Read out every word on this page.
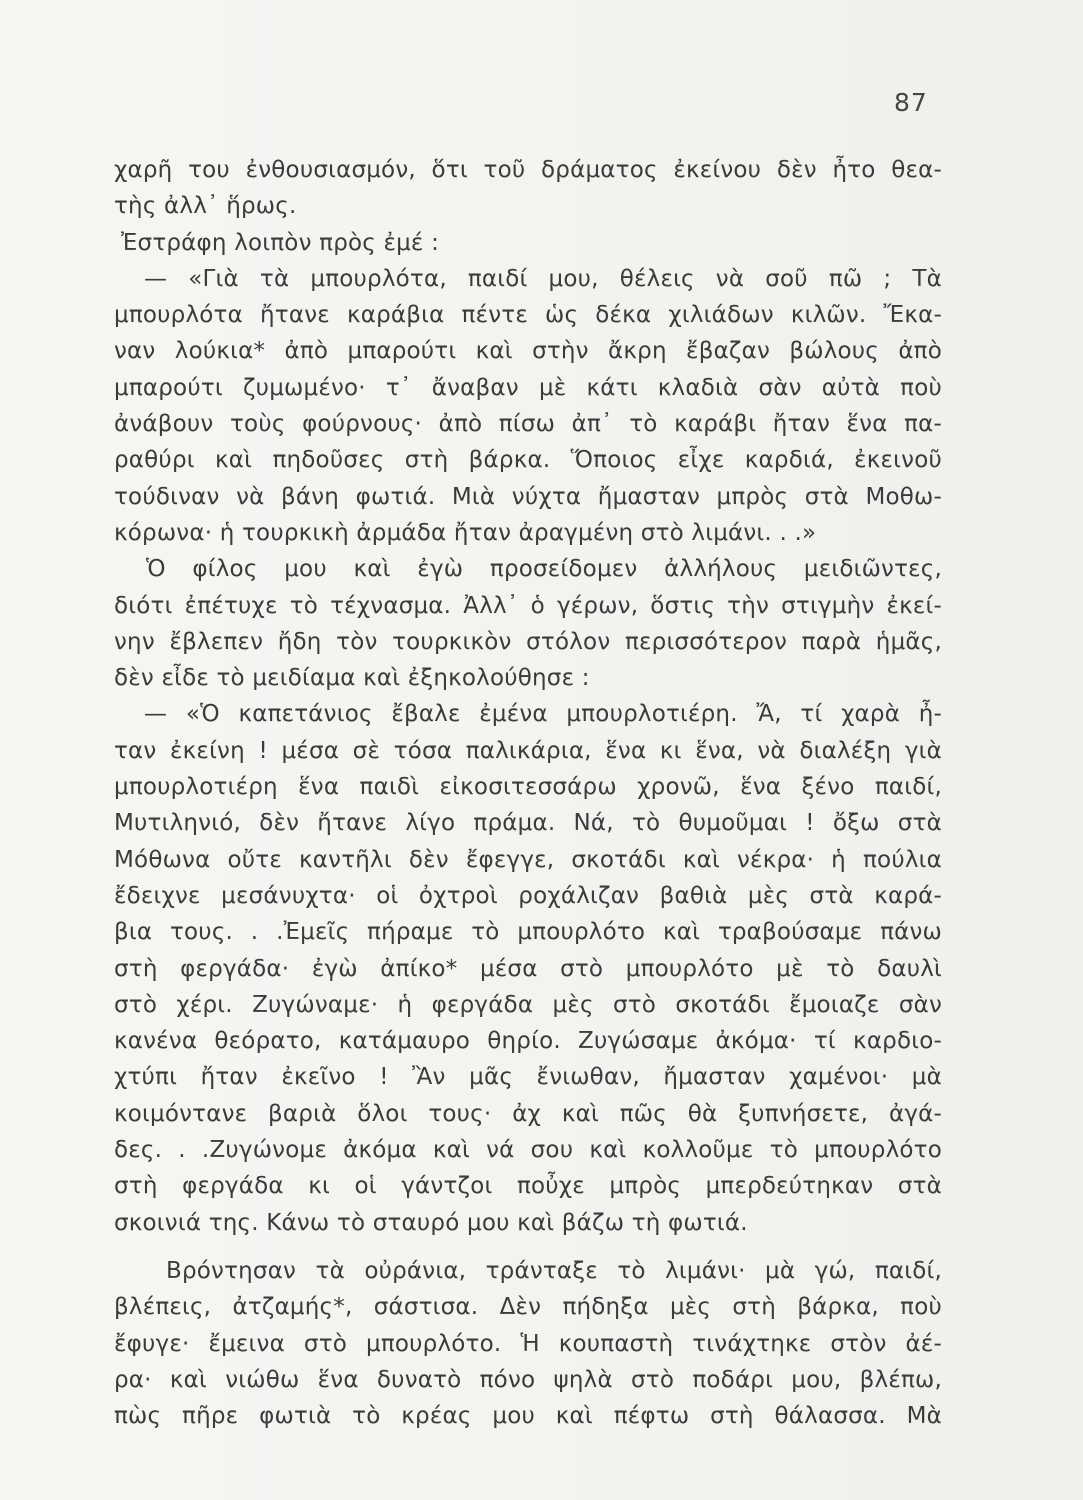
87
χαρῆ του ἐνθουσιασμόν, ὅτι τοῦ δράματος ἐκείνου δὲν ἦτο θεα-
τὴς ἀλλ᾽ ἥρως.
Ἐστράφη λοιπὸν πρὸς ἐμέ :
— «Γιὰ τὰ μπουρλότα, παιδί μου, θέλεις νὰ σοῦ πῶ ; Τὰ
μπουρλότα ἤτανε καράβια πέντε ὡς δέκα χιλιάδων κιλῶν. Ἔκα-
ναν λούκια* ἀπὸ μπαρούτι καὶ στὴν ἄκρη ἔβαζαν βώλους ἀπὸ
μπαρούτι ζυμωμένο· τ᾽ ἄναβαν μὲ κάτι κλαδιὰ σὰν αὐτὰ ποὺ
ἀνάβουν τοὺς φούρνους· ἀπὸ πίσω ἀπ᾽ τὸ καράβι ἤταν ἕνα πα-
ραθύρι καὶ πηδοῦσες στὴ βάρκα. Ὅποιος εἶχε καρδιά, ἐκεινοῦ
τούδιναν νὰ βάνη φωτιά. Μιὰ νύχτα ἤμασταν μπρὸς στὰ Μοθω-
κόρωνα· ἡ τουρκικὴ ἀρμάδα ἤταν ἀραγμένη στὸ λιμάνι. . .»
Ὁ φίλος μου καὶ ἐγὼ προσείδομεν ἀλλήλους μειδιῶντες,
διότι ἐπέτυχε τὸ τέχνασμα. Ἀλλ᾽ ὁ γέρων, ὅστις τὴν στιγμὴν ἐκεί-
νην ἔβλεπεν ἤδη τὸν τουρκικὸν στόλον περισσότερον παρὰ ἡμᾶς,
δὲν εἶδε τὸ μειδίαμα καὶ ἐξηκολούθησε :
— «Ὁ καπετάνιος ἔβαλε ἐμένα μπουρλοτιέρη. Ἄ, τί χαρὰ ἦ-
ταν ἐκείνη ! μέσα σὲ τόσα παλικάρια, ἕνα κι ἕνα, νὰ διαλέξη γιὰ
μπουρλοτιέρη ἕνα παιδὶ εἰκοσιτεσσάρω χρονῶ, ἕνα ξένο παιδί,
Μυτιληνιό, δὲν ἤτανε λίγο πράμα. Νά, τὸ θυμοῦμαι ! ὄξω στὰ
Μόθωνα οὔτε καντῆλι δὲν ἔφεγγε, σκοτάδι καὶ νέκρα· ἡ πούλια
ἔδειχνε μεσάνυχτα· οἱ ὀχτροὶ ροχάλιζαν βαθιὰ μὲς στὰ καρά-
βια τους. . .Ἐμεῖς πήραμε τὸ μπουρλότο καὶ τραβούσαμε πάνω
στὴ φεργάδα· ἐγὼ ἀπίκο* μέσα στὸ μπουρλότο μὲ τὸ δαυλὶ
στὸ χέρι. Ζυγώναμε· ἡ φεργάδα μὲς στὸ σκοτάδι ἔμοιαζε σὰν
κανένα θεόρατο, κατάμαυρο θηρίο. Ζυγώσαμε ἀκόμα· τί καρδιο-
χτύπι ἤταν ἐκεῖνο ! Ἂν μᾶς ἔνιωθαν, ἤμασταν χαμένοι· μὰ
κοιμόντανε βαριὰ ὅλοι τους· ἀχ καὶ πῶς θὰ ξυπνήσετε, ἀγά-
δες. . .Ζυγώνομε ἀκόμα καὶ νά σου καὶ κολλοῦμε τὸ μπουρλότο
στὴ φεργάδα κι οἱ γάντζοι ποὖχε μπρὸς μπερδεύτηκαν στὰ
σκοινιά της. Κάνω τὸ σταυρό μου καὶ βάζω τὴ φωτιά.
Βρόντησαν τὰ οὐράνια, τράνταξε τὸ λιμάνι· μὰ γώ, παιδί,
βλέπεις, ἀτζαμής*, σάστισα. Δὲν πήδηξα μὲς στὴ βάρκα, ποὺ
ἔφυγε· ἔμεινα στὸ μπουρλότο. Ἡ κουπαστὴ τινάχτηκε στὸν ἀέ-
ρα· καὶ νιώθω ἕνα δυνατὸ πόνο ψηλὰ στὸ ποδάρι μου, βλέπω,
πὼς πῆρε φωτιὰ τὸ κρέας μου καὶ πέφτω στὴ θάλασσα. Μὰ
